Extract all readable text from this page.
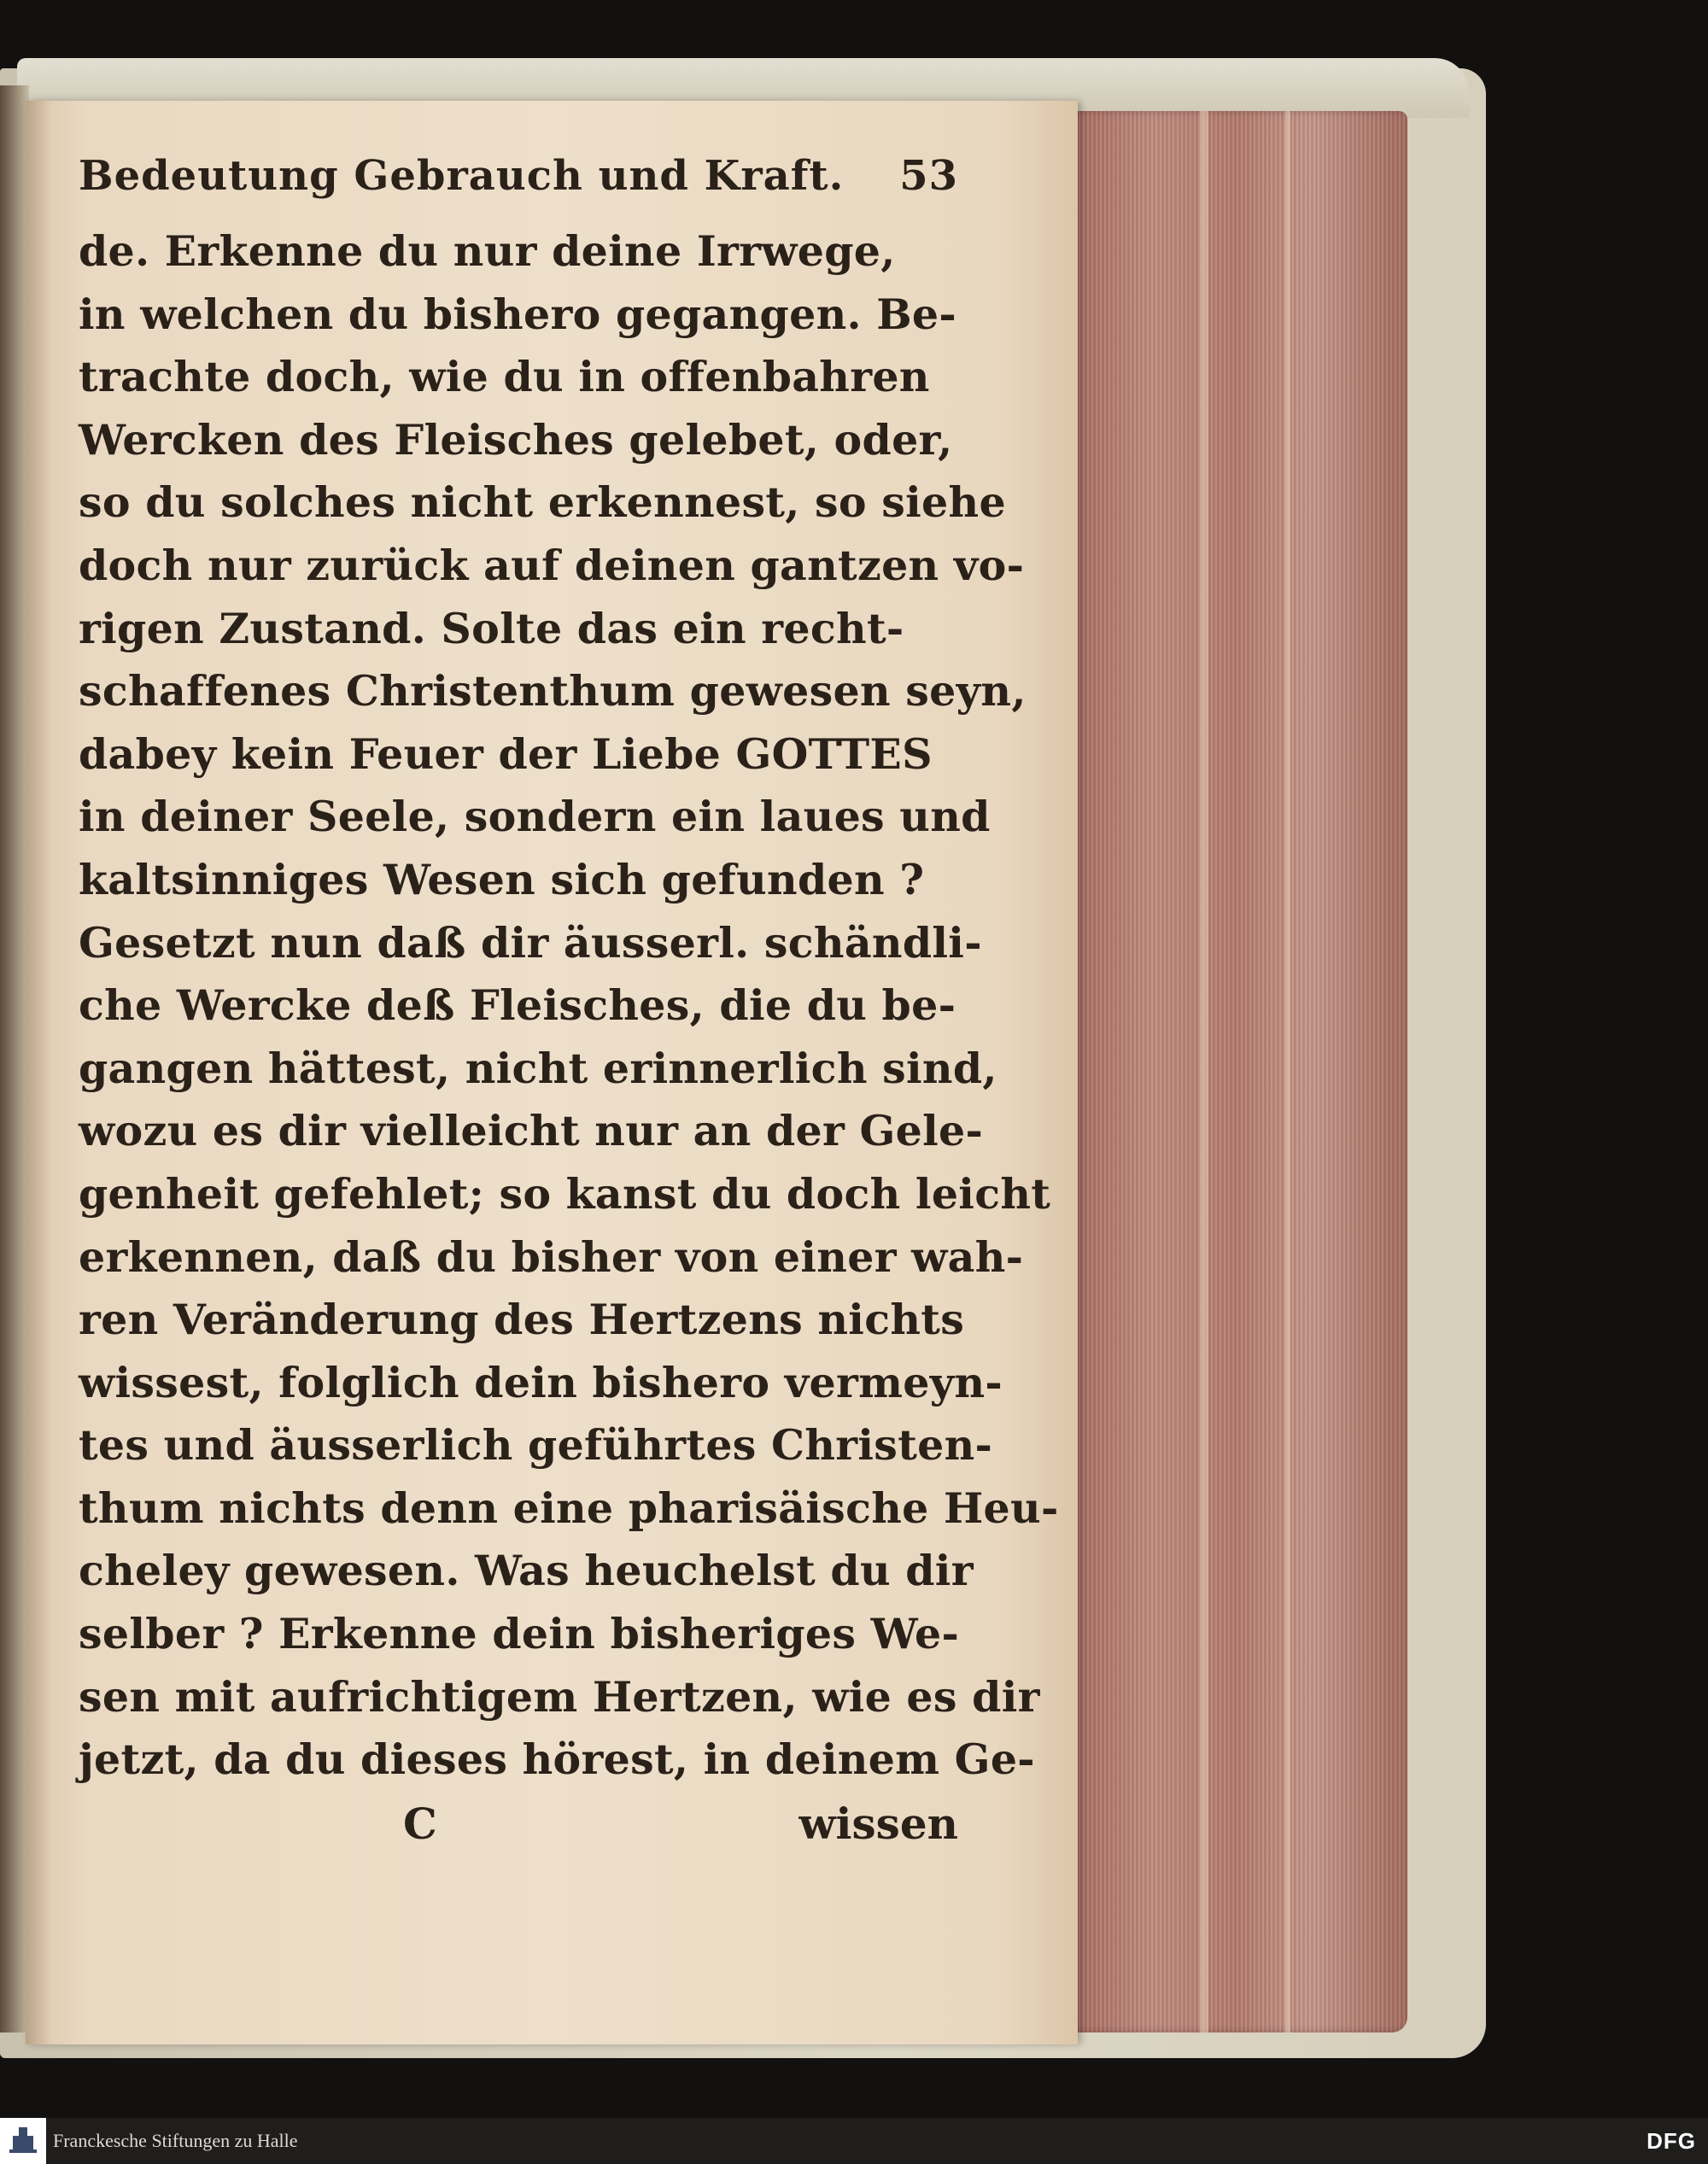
Bedeutung Gebrauch und Kraft. 53
de. Erkenne du nur deine Irrwege,
in welchen du bishero gegangen. Be-
trachte doch, wie du in offenbahren
Wercken des Fleisches gelebet, oder,
so du solches nicht erkennest, so siehe
doch nur zurück auf deinen gantzen vo-
rigen Zustand. Solte das ein recht-
schaffenes Christenthum gewesen seyn,
dabey kein Feuer der Liebe GOTTES
in deiner Seele, sondern ein laues und
kaltsinniges Wesen sich gefunden ?
Gesetzt nun daß dir äusserl. schändli-
che Wercke deß Fleisches, die du be-
gangen hättest, nicht erinnerlich sind,
wozu es dir vielleicht nur an der Gele-
genheit gefehlet; so kanst du doch leicht
erkennen, daß du bisher von einer wah-
ren Veränderung des Hertzens nichts
wissest, folglich dein bishero vermeyn-
tes und äusserlich geführtes Christen-
thum nichts denn eine pharisäische Heu-
cheley gewesen. Was heuchelst du dir
selber ? Erkenne dein bisheriges We-
sen mit aufrichtigem Hertzen, wie es dir
jetzt, da du dieses hörest, in deinem Ge-
C	wissen
Franckesche Stiftungen zu Halle	DFG
